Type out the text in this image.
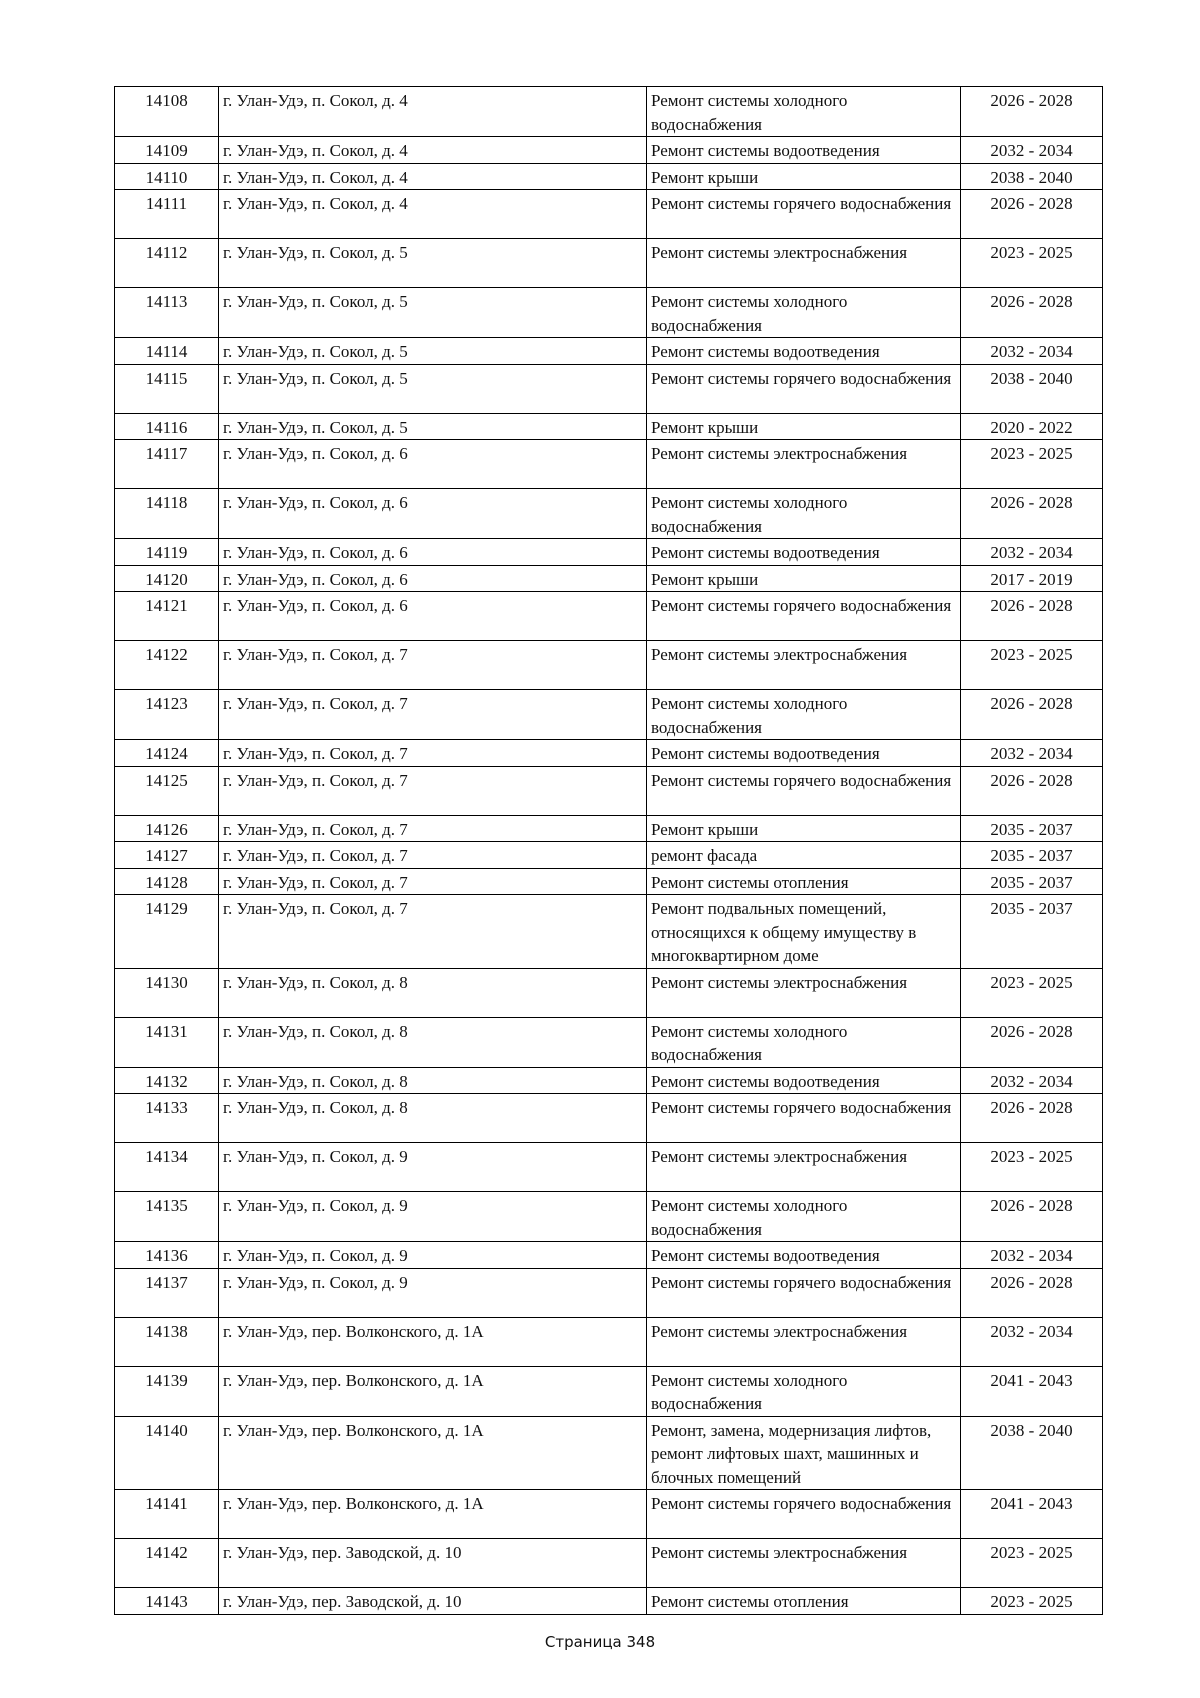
14108	г. Улан-Удэ, п. Сокол, д. 4	Ремонт системы холодного водоснабжения	2026 - 2028
14109	г. Улан-Удэ, п. Сокол, д. 4	Ремонт системы водоотведения	2032 - 2034
14110	г. Улан-Удэ, п. Сокол, д. 4	Ремонт крыши	2038 - 2040
14111	г. Улан-Удэ, п. Сокол, д. 4	Ремонт системы горячего водоснабжения	2026 - 2028
14112	г. Улан-Удэ, п. Сокол, д. 5	Ремонт системы электроснабжения	2023 - 2025
14113	г. Улан-Удэ, п. Сокол, д. 5	Ремонт системы холодного водоснабжения	2026 - 2028
14114	г. Улан-Удэ, п. Сокол, д. 5	Ремонт системы водоотведения	2032 - 2034
14115	г. Улан-Удэ, п. Сокол, д. 5	Ремонт системы горячего водоснабжения	2038 - 2040
14116	г. Улан-Удэ, п. Сокол, д. 5	Ремонт крыши	2020 - 2022
14117	г. Улан-Удэ, п. Сокол, д. 6	Ремонт системы электроснабжения	2023 - 2025
14118	г. Улан-Удэ, п. Сокол, д. 6	Ремонт системы холодного водоснабжения	2026 - 2028
14119	г. Улан-Удэ, п. Сокол, д. 6	Ремонт системы водоотведения	2032 - 2034
14120	г. Улан-Удэ, п. Сокол, д. 6	Ремонт крыши	2017 - 2019
14121	г. Улан-Удэ, п. Сокол, д. 6	Ремонт системы горячего водоснабжения	2026 - 2028
14122	г. Улан-Удэ, п. Сокол, д. 7	Ремонт системы электроснабжения	2023 - 2025
14123	г. Улан-Удэ, п. Сокол, д. 7	Ремонт системы холодного водоснабжения	2026 - 2028
14124	г. Улан-Удэ, п. Сокол, д. 7	Ремонт системы водоотведения	2032 - 2034
14125	г. Улан-Удэ, п. Сокол, д. 7	Ремонт системы горячего водоснабжения	2026 - 2028
14126	г. Улан-Удэ, п. Сокол, д. 7	Ремонт крыши	2035 - 2037
14127	г. Улан-Удэ, п. Сокол, д. 7	ремонт фасада	2035 - 2037
14128	г. Улан-Удэ, п. Сокол, д. 7	Ремонт системы отопления	2035 - 2037
14129	г. Улан-Удэ, п. Сокол, д. 7	Ремонт подвальных помещений, относящихся к общему имуществу в многоквартирном доме	2035 - 2037
14130	г. Улан-Удэ, п. Сокол, д. 8	Ремонт системы электроснабжения	2023 - 2025
14131	г. Улан-Удэ, п. Сокол, д. 8	Ремонт системы холодного водоснабжения	2026 - 2028
14132	г. Улан-Удэ, п. Сокол, д. 8	Ремонт системы водоотведения	2032 - 2034
14133	г. Улан-Удэ, п. Сокол, д. 8	Ремонт системы горячего водоснабжения	2026 - 2028
14134	г. Улан-Удэ, п. Сокол, д. 9	Ремонт системы электроснабжения	2023 - 2025
14135	г. Улан-Удэ, п. Сокол, д. 9	Ремонт системы холодного водоснабжения	2026 - 2028
14136	г. Улан-Удэ, п. Сокол, д. 9	Ремонт системы водоотведения	2032 - 2034
14137	г. Улан-Удэ, п. Сокол, д. 9	Ремонт системы горячего водоснабжения	2026 - 2028
14138	г. Улан-Удэ, пер. Волконского, д. 1А	Ремонт системы электроснабжения	2032 - 2034
14139	г. Улан-Удэ, пер. Волконского, д. 1А	Ремонт системы холодного водоснабжения	2041 - 2043
14140	г. Улан-Удэ, пер. Волконского, д. 1А	Ремонт, замена, модернизация лифтов, ремонт лифтовых шахт, машинных и блочных помещений	2038 - 2040
14141	г. Улан-Удэ, пер. Волконского, д. 1А	Ремонт системы горячего водоснабжения	2041 - 2043
14142	г. Улан-Удэ, пер. Заводской, д. 10	Ремонт системы электроснабжения	2023 - 2025
14143	г. Улан-Удэ, пер. Заводской, д. 10	Ремонт системы отопления	2023 - 2025
Страница 348
